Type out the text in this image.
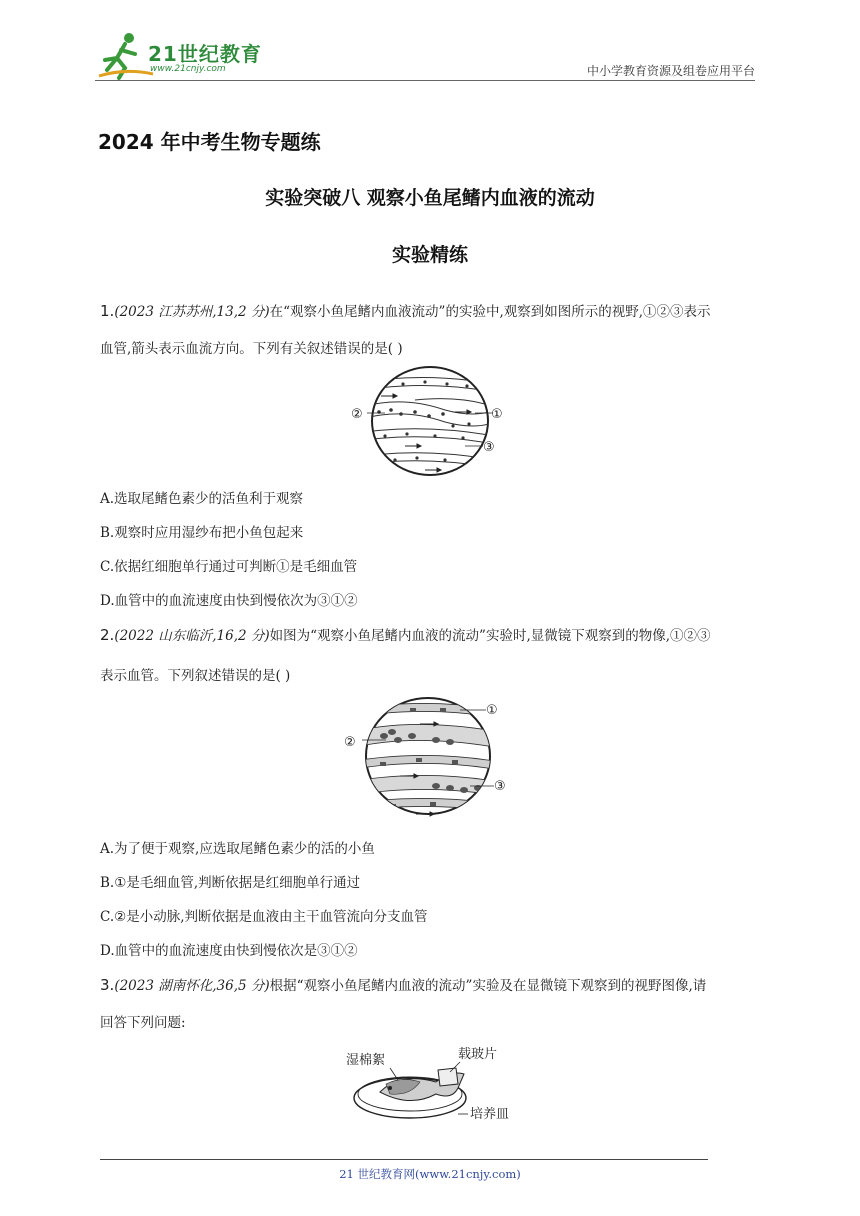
21世纪教育
www.21cnjy.com	中小学教育资源及组卷应用平台
2024 年中考生物专题练
实验突破八 观察小鱼尾鳍内血液的流动
实验精练
1.(2023 江苏苏州,13,2 分)在“观察小鱼尾鳍内血液流动”的实验中,观察到如图所示的视野,①②③表示
血管,箭头表示血流方向。下列有关叙述错误的是( )
①
②
③
A.选取尾鳍色素少的活鱼利于观察
B.观察时应用湿纱布把小鱼包起来
C.依据红细胞单行通过可判断①是毛细血管
D.血管中的血流速度由快到慢依次为③①②
2.(2022 山东临沂,16,2 分)如图为“观察小鱼尾鳍内血液的流动”实验时,显微镜下观察到的物像,①②③
表示血管。下列叙述错误的是( )
①
②
③
A.为了便于观察,应选取尾鳍色素少的活的小鱼
B.①是毛细血管,判断依据是红细胞单行通过
C.②是小动脉,判断依据是血液由主干血管流向分支血管
D.血管中的血流速度由快到慢依次是③①②
3.(2023 湖南怀化,36,5 分)根据“观察小鱼尾鳍内血液的流动”实验及在显微镜下观察到的视野图像,请
回答下列问题:
湿棉絮	载玻片
培养皿
21 世纪教育网(www.21cnjy.com)
